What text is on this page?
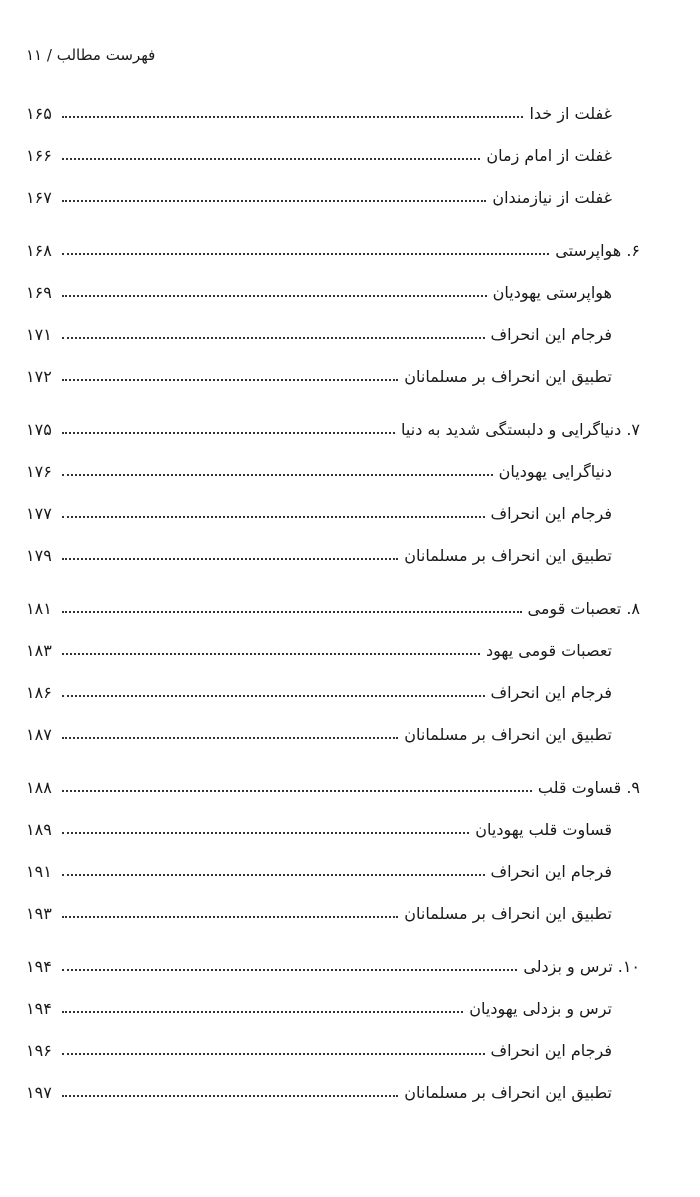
فهرست مطالب / ۱۱
غفلت از خدا
۱۶۵
غفلت از امام زمان
۱۶۶
غفلت از نیازمندان
۱۶۷
۶. هواپرستی
۱۶۸
هواپرستی یهودیان
۱۶۹
فرجام این انحراف
۱۷۱
تطبیق این انحراف بر مسلمانان
۱۷۲
۷. دنیاگرایی و دلبستگی شدید به دنیا
۱۷۵
دنیاگرایی یهودیان
۱۷۶
فرجام این انحراف
۱۷۷
تطبیق این انحراف بر مسلمانان
۱۷۹
۸. تعصبات قومی
۱۸۱
تعصبات قومی یهود
۱۸۳
فرجام این انحراف
۱۸۶
تطبیق این انحراف بر مسلمانان
۱۸۷
۹. قساوت قلب
۱۸۸
قساوت قلب یهودیان
۱۸۹
فرجام این انحراف
۱۹۱
تطبیق این انحراف بر مسلمانان
۱۹۳
۱۰. ترس و بزدلی
۱۹۴
ترس و بزدلی یهودیان
۱۹۴
فرجام این انحراف
۱۹۶
تطبیق این انحراف بر مسلمانان
۱۹۷
